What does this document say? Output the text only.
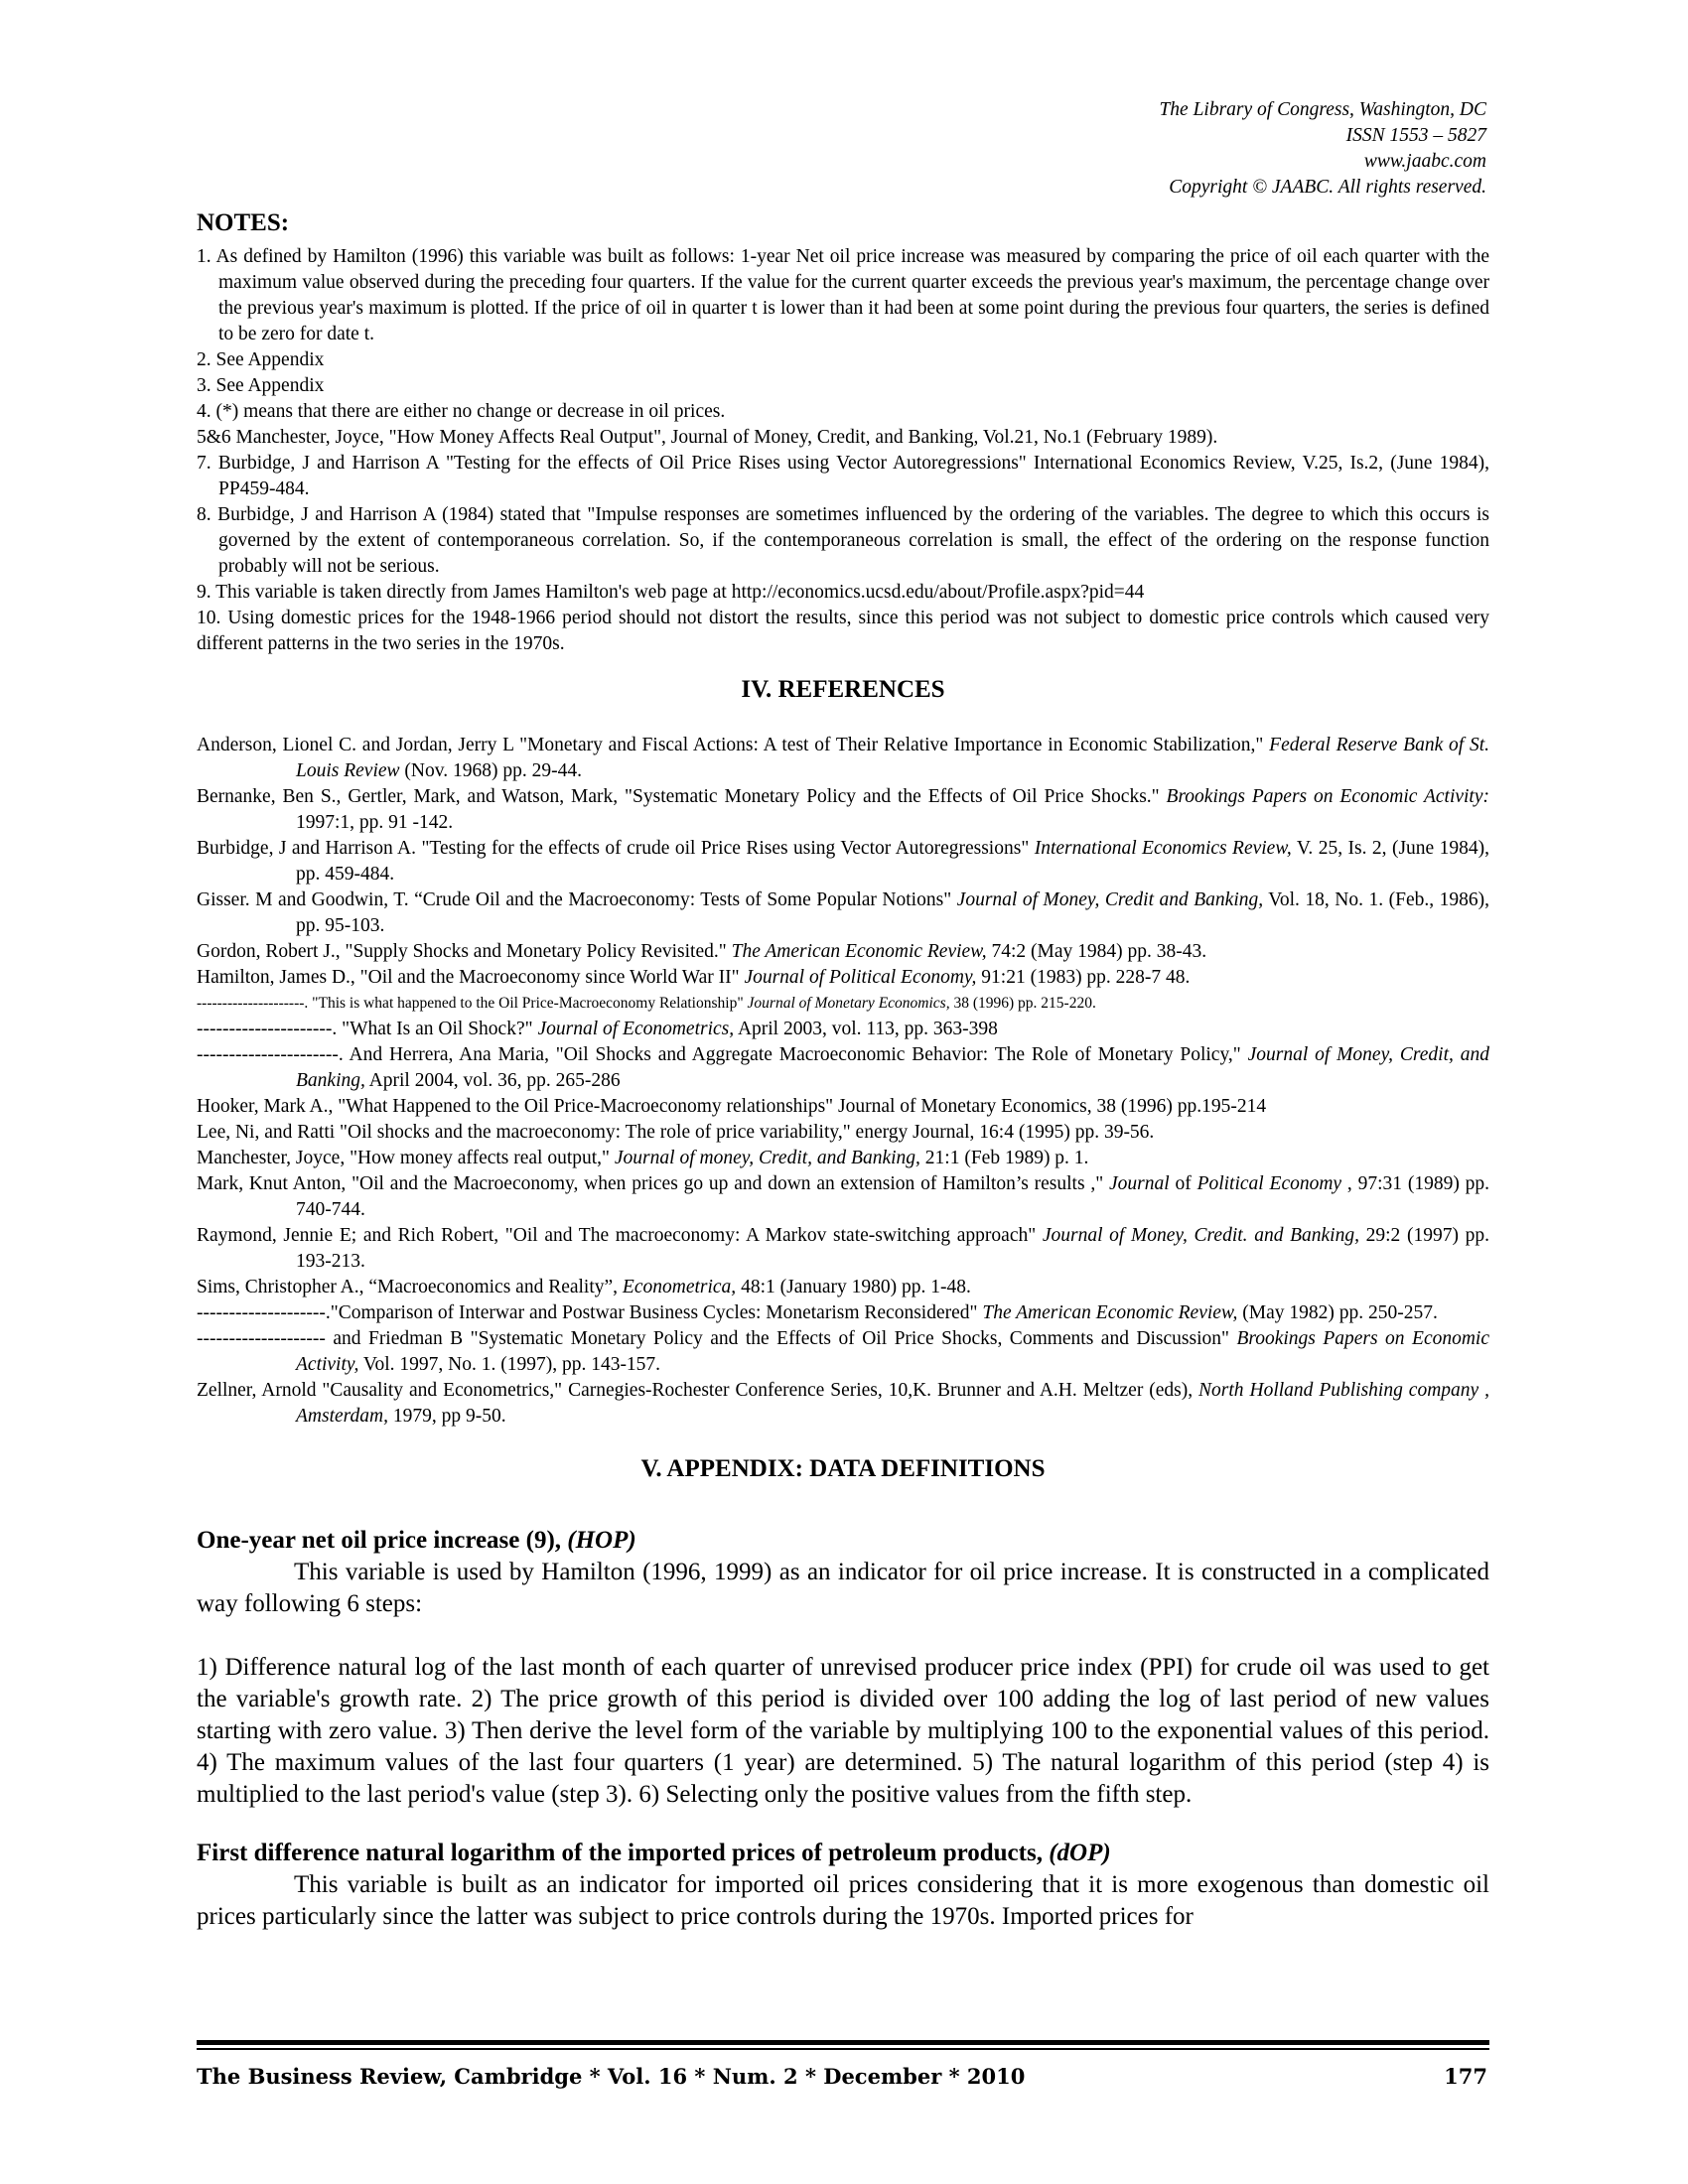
The Library of Congress, Washington, DC
ISSN 1553 – 5827
www.jaabc.com
Copyright © JAABC. All rights reserved.
NOTES:

1. As defined by Hamilton (1996) this variable was built as follows: 1-year Net oil price increase was measured by comparing the price of oil each quarter with the maximum value observed during the preceding four quarters. If the value for the current quarter exceeds the previous year's maximum, the percentage change over the previous year's maximum is plotted. If the price of oil in quarter t is lower than it had been at some point during the previous four quarters, the series is defined to be zero for date t.

2. See Appendix

3. See Appendix

4. (*) means that there are either no change or decrease in oil prices.

5&6 Manchester, Joyce, "How Money Affects Real Output", Journal of Money, Credit, and Banking, Vol.21, No.1 (February 1989).

7. Burbidge, J and Harrison A "Testing for the effects of Oil Price Rises using Vector Autoregressions" International Economics Review, V.25, Is.2, (June 1984), PP459-484.

8. Burbidge, J and Harrison A (1984) stated that "Impulse responses are sometimes influenced by the ordering of the variables. The degree to which this occurs is governed by the extent of contemporaneous correlation. So, if the contemporaneous correlation is small, the effect of the ordering on the response function probably will not be serious.

9. This variable is taken directly from James Hamilton's web page at http://economics.ucsd.edu/about/Profile.aspx?pid=44

10. Using domestic prices for the 1948-1966 period should not distort the results, since this period was not subject to domestic price controls which caused very different patterns in the two series in the 1970s.

IV. REFERENCES

Anderson, Lionel C. and Jordan, Jerry L "Monetary and Fiscal Actions: A test of Their Relative Importance in Economic Stabilization," Federal Reserve Bank of St. Louis Review (Nov. 1968) pp. 29-44.

Bernanke, Ben S., Gertler, Mark, and Watson, Mark, "Systematic Monetary Policy and the Effects of Oil Price Shocks." Brookings Papers on Economic Activity: 1997:1, pp. 91 -142.

Burbidge, J and Harrison A. "Testing for the effects of crude oil Price Rises using Vector Autoregressions" International Economics Review, V. 25, Is. 2, (June 1984), pp. 459-484.

Gisser. M and Goodwin, T. “Crude Oil and the Macroeconomy: Tests of Some Popular Notions" Journal of Money, Credit and Banking, Vol. 18, No. 1. (Feb., 1986), pp. 95-103.

Gordon, Robert J., "Supply Shocks and Monetary Policy Revisited." The American Economic Review, 74:2 (May 1984) pp. 38-43.

Hamilton, James D., "Oil and the Macroeconomy since World War II" Journal of Political Economy, 91:21 (1983) pp. 228-7 48.

---------------------. "This is what happened to the Oil Price-Macroeconomy Relationship" Journal of Monetary Economics, 38 (1996) pp. 215-220.

---------------------. "What Is an Oil Shock?" Journal of Econometrics, April 2003, vol. 113, pp. 363-398

----------------------. And Herrera, Ana Maria, "Oil Shocks and Aggregate Macroeconomic Behavior: The Role of Monetary Policy," Journal of Money, Credit, and Banking, April 2004, vol. 36, pp. 265-286

Hooker, Mark A., "What Happened to the Oil Price-Macroeconomy relationships" Journal of Monetary Economics, 38 (1996) pp.195-214

Lee, Ni, and Ratti "Oil shocks and the macroeconomy: The role of price variability," energy Journal, 16:4 (1995) pp. 39-56.

Manchester, Joyce, "How money affects real output," Journal of money, Credit, and Banking, 21:1 (Feb 1989) p. 1.

Mark, Knut Anton, "Oil and the Macroeconomy, when prices go up and down an extension of Hamilton’s results ," Journal of Political Economy , 97:31 (1989) pp. 740-744.

Raymond, Jennie E; and Rich Robert, "Oil and The macroeconomy: A Markov state-switching approach" Journal of Money, Credit. and Banking, 29:2 (1997) pp. 193-213.

Sims, Christopher A., “Macroeconomics and Reality”, Econometrica, 48:1 (January 1980) pp. 1-48.

--------------------."Comparison of Interwar and Postwar Business Cycles: Monetarism Reconsidered" The American Economic Review, (May 1982) pp. 250-257.

-------------------- and Friedman B "Systematic Monetary Policy and the Effects of Oil Price Shocks, Comments and Discussion" Brookings Papers on Economic Activity, Vol. 1997, No. 1. (1997), pp. 143-157.

Zellner, Arnold "Causality and Econometrics," Carnegies-Rochester Conference Series, 10,K. Brunner and A.H. Meltzer (eds), North Holland Publishing company , Amsterdam, 1979, pp 9-50.

V. APPENDIX: DATA DEFINITIONS
One-year net oil price increase (9), (HOP)

This variable is used by Hamilton (1996, 1999) as an indicator for oil price increase. It is constructed in a complicated way following 6 steps:

1) Difference natural log of the last month of each quarter of unrevised producer price index (PPI) for crude oil was used to get the variable's growth rate. 2) The price growth of this period is divided over 100 adding the log of last period of new values starting with zero value. 3) Then derive the level form of the variable by multiplying 100 to the exponential values of this period. 4) The maximum values of the last four quarters (1 year) are determined. 5) The natural logarithm of this period (step 4) is multiplied to the last period's value (step 3). 6) Selecting only the positive values from the fifth step.

First difference natural logarithm of the imported prices of petroleum products, (dOP)

This variable is built as an indicator for imported oil prices considering that it is more exogenous than domestic oil prices particularly since the latter was subject to price controls during the 1970s. Imported prices for

The Business Review, Cambridge * Vol. 16 * Num. 2 * December * 2010	177
